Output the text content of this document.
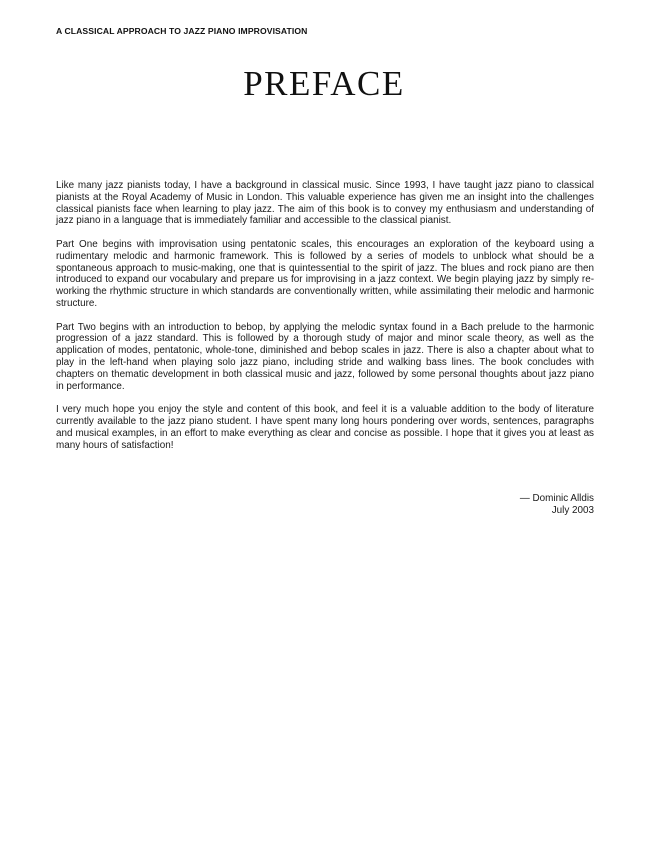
A CLASSICAL APPROACH TO JAZZ PIANO IMPROVISATION
PREFACE

Like many jazz pianists today, I have a background in classical music. Since 1993, I have taught jazz piano to classical pianists at the Royal Academy of Music in London. This valuable experience has given me an insight into the challenges classical pianists face when learning to play jazz. The aim of this book is to convey my enthusiasm and understanding of jazz piano in a language that is immediately familiar and accessible to the classical pianist.

Part One begins with improvisation using pentatonic scales, this encourages an exploration of the keyboard using a rudimentary melodic and harmonic framework. This is followed by a series of models to unblock what should be a spontaneous approach to music-making, one that is quintessential to the spirit of jazz. The blues and rock piano are then introduced to expand our vocabulary and prepare us for improvising in a jazz context. We begin playing jazz by simply re-working the rhythmic structure in which standards are conventionally written, while assimilating their melodic and harmonic structure.

Part Two begins with an introduction to bebop, by applying the melodic syntax found in a Bach prelude to the harmonic progression of a jazz standard. This is followed by a thorough study of major and minor scale theory, as well as the application of modes, pentatonic, whole-tone, diminished and bebop scales in jazz. There is also a chapter about what to play in the left-hand when playing solo jazz piano, including stride and walking bass lines. The book concludes with chapters on thematic development in both classical music and jazz, followed by some personal thoughts about jazz piano in performance.

I very much hope you enjoy the style and content of this book, and feel it is a valuable addition to the body of literature currently available to the jazz piano student. I have spent many long hours pondering over words, sentences, paragraphs and musical examples, in an effort to make everything as clear and concise as possible. I hope that it gives you at least as many hours of satisfaction!

— Dominic Alldis
July 2003
